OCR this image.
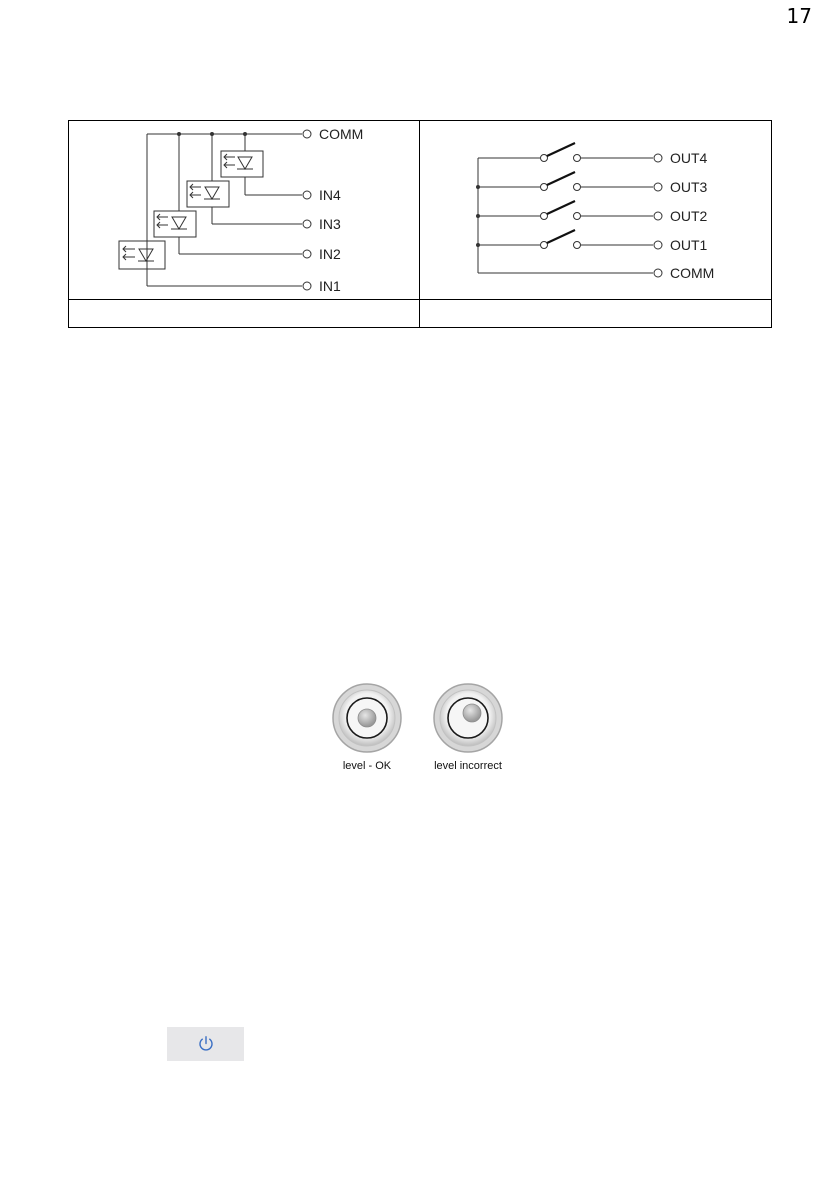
17
COMM
IN4
IN3
IN2
IN1
OUT4
OUT3
OUT2
OUT1
COMM
level - OK	level incorrect
